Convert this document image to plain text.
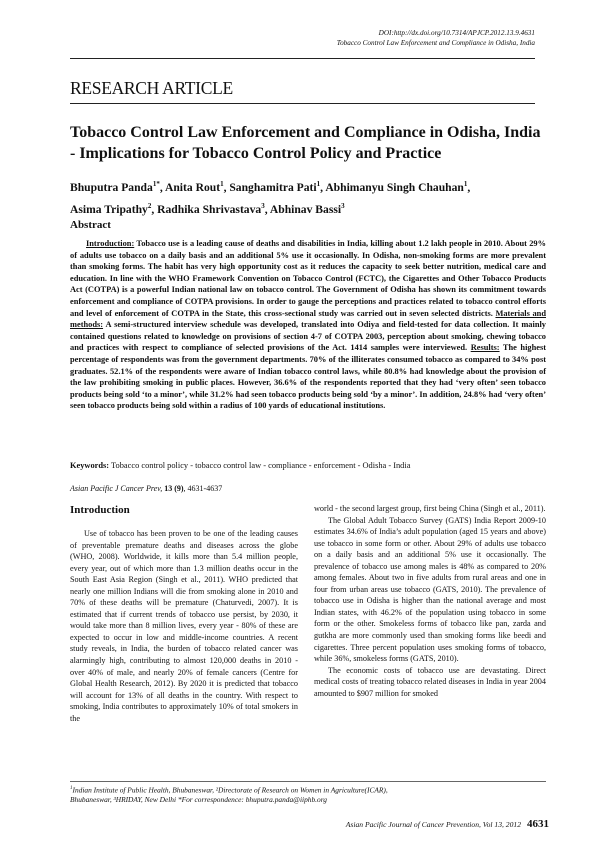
DOI:http://dx.doi.org/10.7314/APJCP.2012.13.9.4631
Tobacco Control Law Enforcement and Compliance in Odisha, India
RESEARCH ARTICLE
Tobacco Control Law Enforcement and Compliance in Odisha, India - Implications for Tobacco Control Policy and Practice
Bhuputra Panda$^{1*}$, Anita Rout$^1$, Sanghamitra Pati$^1$, Abhimanyu Singh Chauhan$^1$,
Asima Tripathy$^2$, Radhika Shrivastava$^3$, Abhinav Bassi$^3$
Abstract
Introduction: Tobacco use is a leading cause of deaths and disabilities in India, killing about 1.2 lakh people in 2010. About 29% of adults use tobacco on a daily basis and an additional 5% use it occasionally. In Odisha, non-smoking forms are more prevalent than smoking forms. The habit has very high opportunity cost as it reduces the capacity to seek better nutrition, medical care and education. In line with the WHO Framework Convention on Tobacco Control (FCTC), the Cigarettes and Other Tobacco Products Act (COTPA) is a powerful Indian national law on tobacco control. The Government of Odisha has shown its commitment towards enforcement and compliance of COTPA provisions. In order to gauge the perceptions and practices related to tobacco control efforts and level of enforcement of COTPA in the State, this cross-sectional study was carried out in seven selected districts. Materials and methods: A semi-structured interview schedule was developed, translated into Odiya and field-tested for data collection. It mainly contained questions related to knowledge on provisions of section 4-7 of COTPA 2003, perception about smoking, chewing tobacco and practices with respect to compliance of selected provisions of the Act. 1414 samples were interviewed. Results: The highest percentage of respondents was from the government departments. 70% of the illiterates consumed tobacco as compared to 34% post graduates. 52.1% of the respondents were aware of Indian tobacco control laws, while 80.8% had knowledge about the provision of the law prohibiting smoking in public places. However, 36.6% of the respondents reported that they had ‘very often’ seen tobacco products being sold ‘to a minor’, while 31.2% had seen tobacco products being sold ‘by a minor’. In addition, 24.8% had ‘very often’ seen tobacco products being sold within a radius of 100 yards of educational institutions.
Keywords: Tobacco control policy - tobacco control law - compliance - enforcement - Odisha - India
Asian Pacific J Cancer Prev, 13 (9), 4631-4637
Introduction
Use of tobacco has been proven to be one of the leading causes of preventable premature deaths and diseases across the globe (WHO, 2008). Worldwide, it kills more than 5.4 million people, every year, out of which more than 1.3 million deaths occur in the South East Asia Region (Singh et al., 2011). WHO predicted that nearly one million Indians will die from smoking alone in 2010 and 70% of these deaths will be premature (Chaturvedi, 2007). It is estimated that if current trends of tobacco use persist, by 2030, it would take more than 8 million lives, every year - 80% of these are expected to occur in low and middle-income countries. A recent study reveals, in India, the burden of tobacco related cancer was alarmingly high, contributing to almost 120,000 deaths in 2010 - over 40% of male, and nearly 20% of female cancers (Centre for Global Health Research, 2012). By 2020 it is predicted that tobacco will account for 13% of all deaths in the country. With respect to smoking, India contributes to approximately 10% of total smokers in the

world - the second largest group, first being China (Singh et al., 2011).

The Global Adult Tobacco Survey (GATS) India Report 2009-10 estimates 34.6% of India’s adult population (aged 15 years and above) use tobacco in some form or other. About 29% of adults use tobacco on a daily basis and an additional 5% use it occasionally. The prevalence of tobacco use among males is 48% as compared to 20% among females. About two in five adults from rural areas and one in four from urban areas use tobacco (GATS, 2010). The prevalence of tobacco use in Odisha is higher than the national average and most Indian states, with 46.2% of the population using tobacco in some form or the other. Smokeless forms of tobacco like pan, zarda and gutkha are more commonly used than smoking forms like beedi and cigarettes. Three percent population uses smoking forms of tobacco, while 36%, smokeless forms (GATS, 2010).

The economic costs of tobacco use are devastating. Direct medical costs of treating tobacco related diseases in India in year 2004 amounted to $907 million for smoked

$^1$Indian Institute of Public Health, Bhubaneswar, ²Directorate of Research on Women in Agriculture(ICAR), Bhubaneswar, ³HRIDAY, New Delhi *For correspondence: bhuputra.panda@iiphb.org
Asian Pacific Journal of Cancer Prevention, Vol 13, 2012 4631
